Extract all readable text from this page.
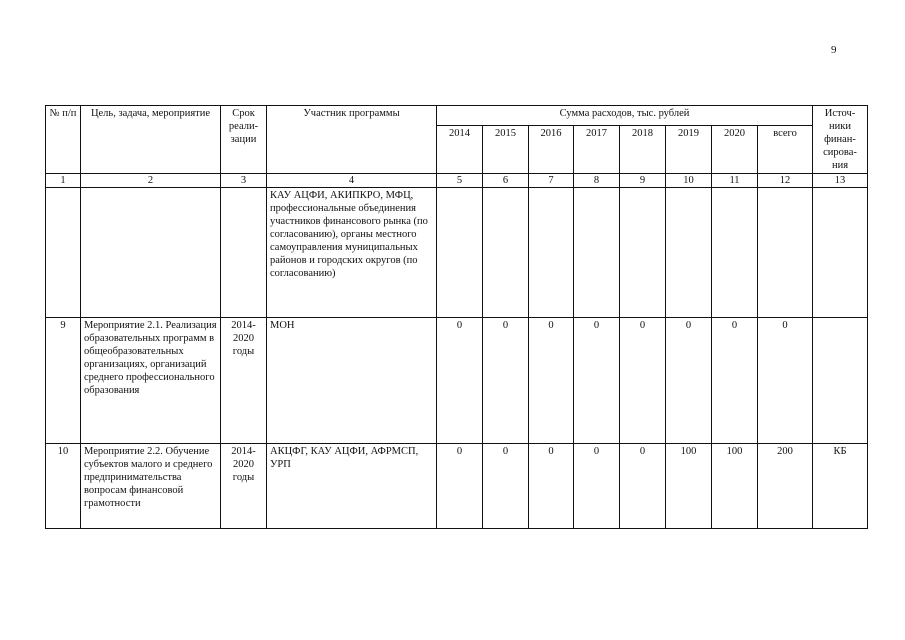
9
№ п/п	Цель, задача, мероприятие	Срок реали-зации	Участник программы	Сумма расходов, тыс. рублей								Источ-ники финан-сирова-ния
				2014	2015	2016	2017	2018	2019	2020	всего	
1	2	3	4	5	6	7	8	9	10	11	12	13
			КАУ АЦФИ, АКИПКРО, МФЦ, профессиональные объединения участников финансового рынка (по согласованию), органы местного самоуправления муниципальных районов и городских округов (по согласованию)									
9	Мероприятие 2.1. Реализация образовательных программ в общеобразовательных организациях, организаций среднего профессионального образования	2014-2020 годы	МОН	0	0	0	0	0	0	0	0	
10	Мероприятие 2.2. Обучение субъектов малого и среднего предпринимательства вопросам финансовой грамотности	2014-2020 годы	АКЦФГ, КАУ АЦФИ, АФРМСП, УРП	0	0	0	0	0	100	100	200	КБ
